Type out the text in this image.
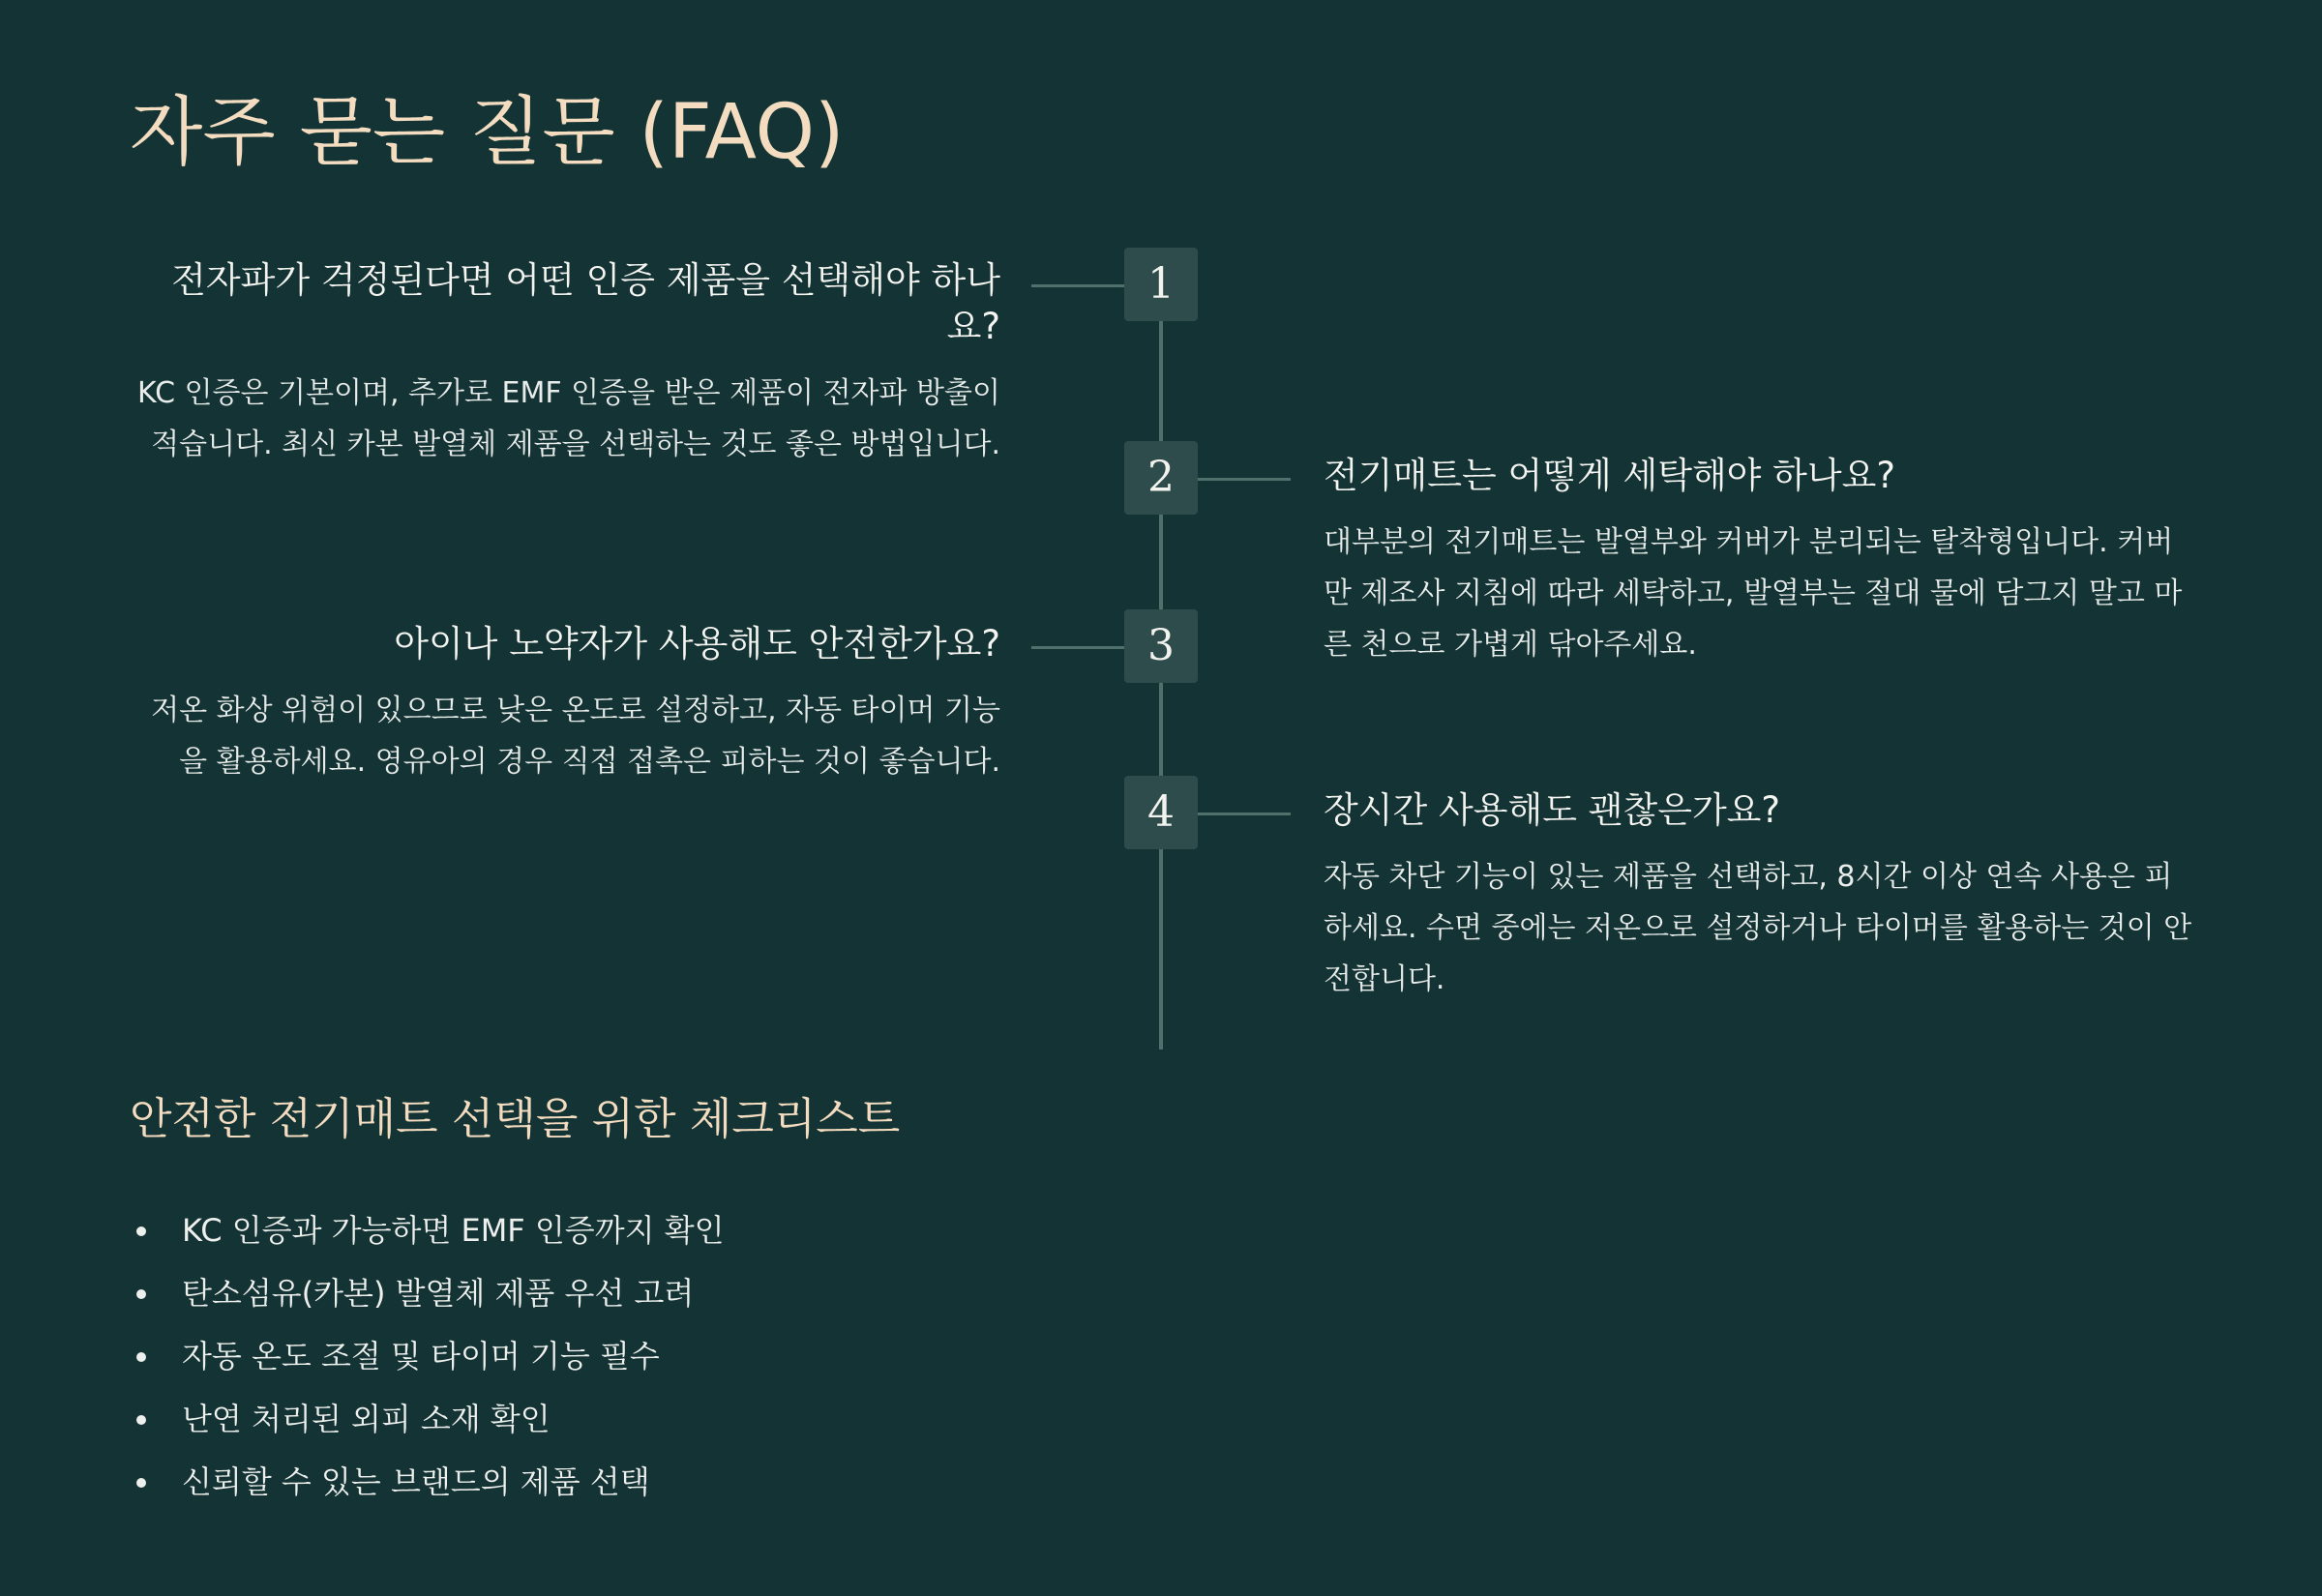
자주 묻는 질문 (FAQ)
1
2
3
4
전자파가 걱정된다면 어떤 인증 제품을 선택해야 하나요?

KC 인증은 기본이며, 추가로 EMF 인증을 받은 제품이 전자파 방출이 적습니다. 최신 카본 발열체 제품을 선택하는 것도 좋은 방법입니다.

전기매트는 어떻게 세탁해야 하나요?

대부분의 전기매트는 발열부와 커버가 분리되는 탈착형입니다. 커버만 제조사 지침에 따라 세탁하고, 발열부는 절대 물에 담그지 말고 마른 천으로 가볍게 닦아주세요.

아이나 노약자가 사용해도 안전한가요?

저온 화상 위험이 있으므로 낮은 온도로 설정하고, 자동 타이머 기능을 활용하세요. 영유아의 경우 직접 접촉은 피하는 것이 좋습니다.

장시간 사용해도 괜찮은가요?

자동 차단 기능이 있는 제품을 선택하고, 8시간 이상 연속 사용은 피하세요. 수면 중에는 저온으로 설정하거나 타이머를 활용하는 것이 안전합니다.

안전한 전기매트 선택을 위한 체크리스트
KC 인증과 가능하면 EMF 인증까지 확인
탄소섬유(카본) 발열체 제품 우선 고려
자동 온도 조절 및 타이머 기능 필수
난연 처리된 외피 소재 확인
신뢰할 수 있는 브랜드의 제품 선택
